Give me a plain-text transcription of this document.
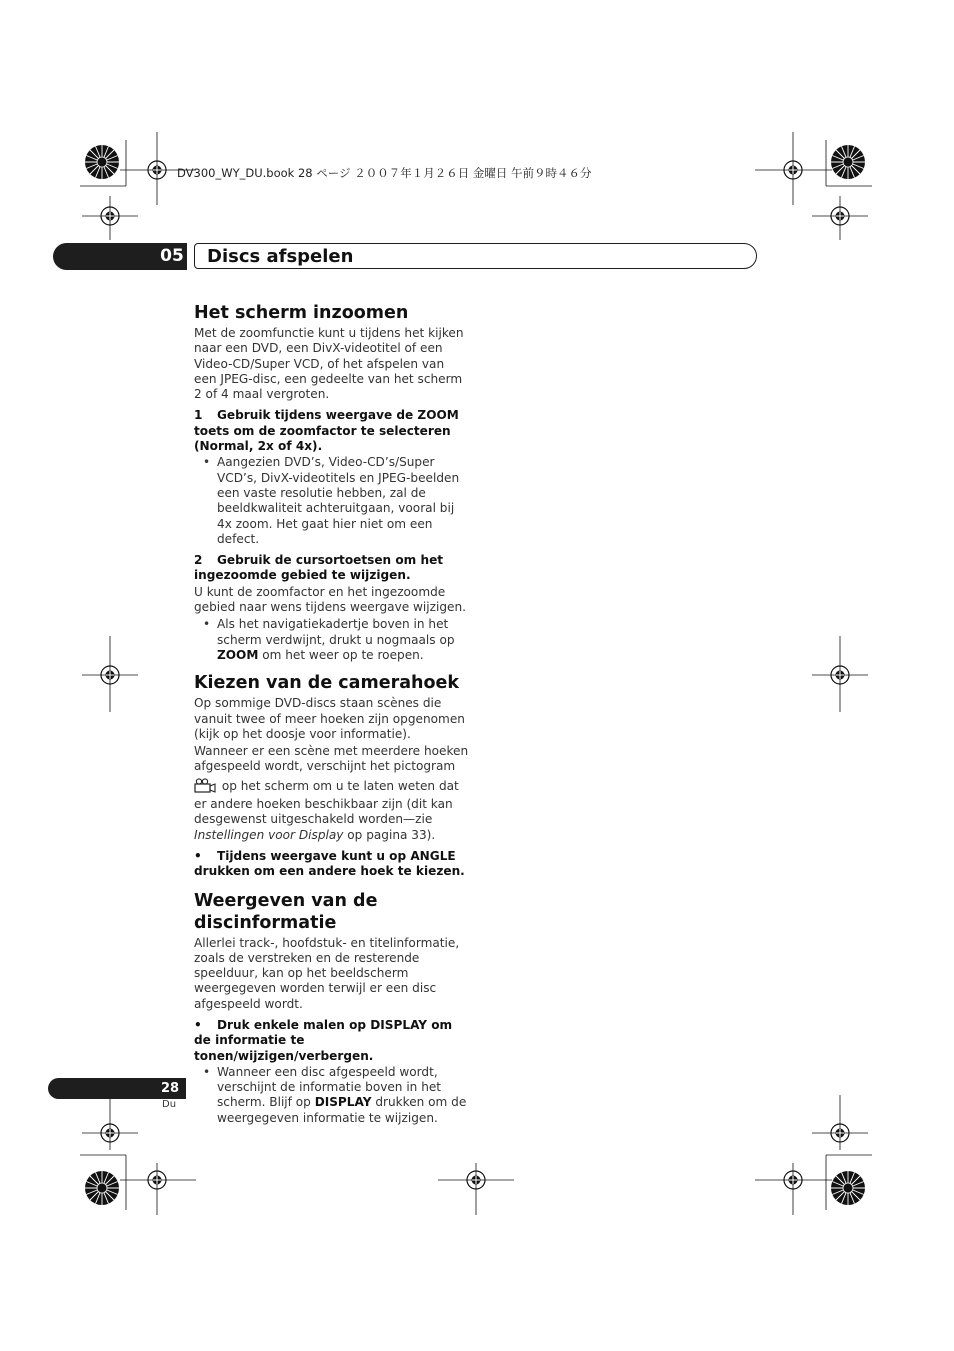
DV300_WY_DU.book 28 ページ ２００７年１月２６日 金曜日 午前９時４６分
05 Discs afspelen
Het scherm inzoomen

Met de zoomfunctie kunt u tijdens het kijken naar een DVD, een DivX-videotitel of een Video-CD/Super VCD, of het afspelen van een JPEG-disc, een gedeelte van het scherm 2 of 4 maal vergroten.

1 Gebruik tijdens weergave de ZOOM toets om de zoomfactor te selecteren (Normal, 2x of 4x).

• Aangezien DVD’s, Video-CD’s/Super VCD’s, DivX-videotitels en JPEG-beelden een vaste resolutie hebben, zal de beeldkwaliteit achteruitgaan, vooral bij 4x zoom. Het gaat hier niet om een defect.

2 Gebruik de cursortoetsen om het ingezoomde gebied te wijzigen.

U kunt de zoomfactor en het ingezoomde gebied naar wens tijdens weergave wijzigen.

• Als het navigatiekadertje boven in het scherm verdwijnt, drukt u nogmaals op ZOOM om het weer op te roepen.
Kiezen van de camerahoek

Op sommige DVD-discs staan scènes die vanuit twee of meer hoeken zijn opgenomen (kijk op het doosje voor informatie).

Wanneer er een scène met meerdere hoeken afgespeeld wordt, verschijnt het pictogram

op het scherm om u te laten weten dat er andere hoeken beschikbaar zijn (dit kan desgewenst uitgeschakeld worden—zie Instellingen voor Display op pagina 33).

• Tijdens weergave kunt u op ANGLE drukken om een andere hoek te kiezen.

Weergeven van de discinformatie

Allerlei track-, hoofdstuk- en titelinformatie, zoals de verstreken en de resterende speelduur, kan op het beeldscherm weergegeven worden terwijl er een disc afgespeeld wordt.

• Druk enkele malen op DISPLAY om de informatie te tonen/wijzigen/verbergen.

• Wanneer een disc afgespeeld wordt, verschijnt de informatie boven in het scherm. Blijf op DISPLAY drukken om de weergegeven informatie te wijzigen.
28
Du
